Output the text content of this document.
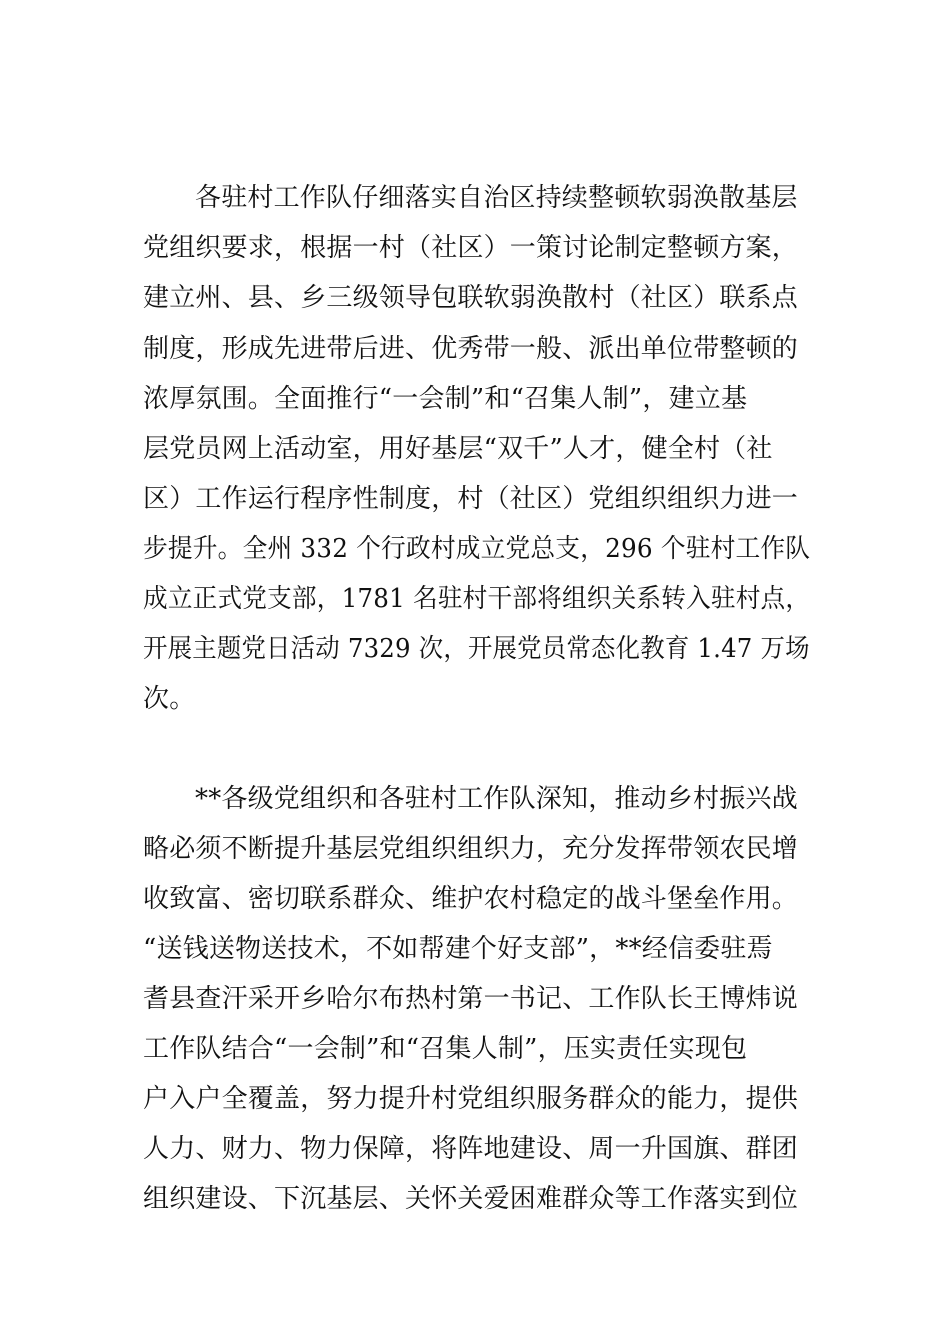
各驻村工作队仔细落实自治区持续整顿软弱涣散基层
党组织要求，根据一村（社区）一策讨论制定整顿方案，
建立州、县、乡三级领导包联软弱涣散村（社区）联系点
制度，形成先进带后进、优秀带一般、派出单位带整顿的
浓厚氛围。全面推行“一会制”和“召集人制”，建立基
层党员网上活动室，用好基层“双千”人才，健全村（社
区）工作运行程序性制度，村（社区）党组织组织力进一
步提升。全州 332 个行政村成立党总支，296 个驻村工作队
成立正式党支部，1781 名驻村干部将组织关系转入驻村点，
开展主题党日活动 7329 次，开展党员常态化教育 1.47 万场
次。
**各级党组织和各驻村工作队深知，推动乡村振兴战
略必须不断提升基层党组织组织力，充分发挥带领农民增
收致富、密切联系群众、维护农村稳定的战斗堡垒作用。
“送钱送物送技术，不如帮建个好支部”，**经信委驻焉
耆县查汗采开乡哈尔布热村第一书记、工作队长王博炜说
工作队结合“一会制”和“召集人制”，压实责任实现包
户入户全覆盖，努力提升村党组织服务群众的能力，提供
人力、财力、物力保障，将阵地建设、周一升国旗、群团
组织建设、下沉基层、关怀关爱困难群众等工作落实到位
